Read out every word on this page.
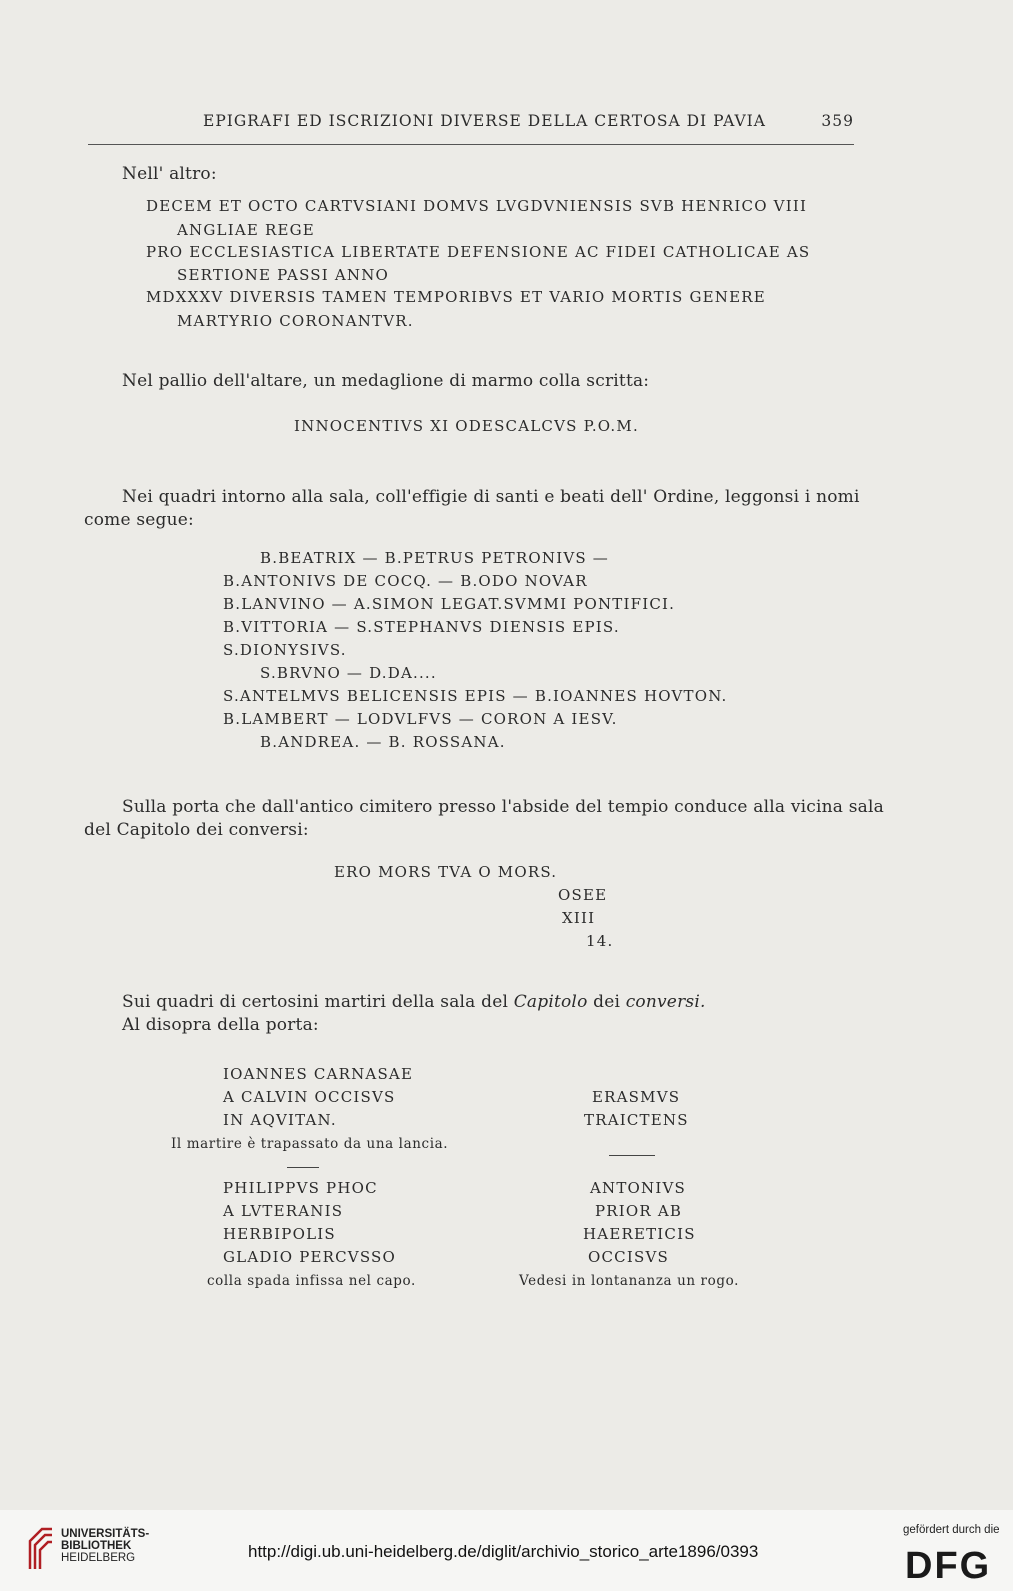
EPIGRAFI ED ISCRIZIONI DIVERSE DELLA CERTOSA DI PAVIA	359
Nell' altro:
DECEM ET OCTO CARTVSIANI DOMVS LVGDVNIENSIS SVB HENRICO VIII
ANGLIAE REGE
PRO ECCLESIASTICA LIBERTATE DEFENSIONE AC FIDEI CATHOLICAE AS
SERTIONE PASSI ANNO
MDXXXV DIVERSIS TAMEN TEMPORIBVS ET VARIO MORTIS GENERE
MARTYRIO CORONANTVR.
Nel pallio dell'altare, un medaglione di marmo colla scritta:
INNOCENTIVS XI ODESCALCVS P.O.M.
Nei quadri intorno alla sala, coll'effigie di santi e beati dell' Ordine, leggonsi i nomi
come segue:
B.BEATRIX — B.PETRUS PETRONIVS —
B.ANTONIVS DE COCQ. — B.ODO NOVAR
B.LANVINO — A.SIMON LEGAT.SVMMI PONTIFICI.
B.VITTORIA — S.STEPHANVS DIENSIS EPIS.
S.DIONYSIVS.
S.BRVNO — D.DA....
S.ANTELMVS BELICENSIS EPIS — B.IOANNES HOVTON.
B.LAMBERT — LODVLFVS — CORON A IESV.
B.ANDREA. — B. ROSSANA.
Sulla porta che dall'antico cimitero presso l'abside del tempio conduce alla vicina sala
del Capitolo dei conversi:
ERO MORS TVA O MORS.
OSEE
XIII
14.
Sui quadri di certosini martiri della sala del Capitolo dei conversi.
Al disopra della porta:
IOANNES CARNASAE
A CALVIN OCCISVS
IN AQVITAN.
Il martire è trapassato da una lancia.
PHILIPPVS PHOC
A LVTERANIS
HERBIPOLIS
GLADIO PERCVSSO
colla spada infissa nel capo.
ERASMVS
TRAICTENS
ANTONIVS
PRIOR AB
HAERETICIS
OCCISVS
Vedesi in lontananza un rogo.
UNIVERSITÄTS-
BIBLIOTHEK
HEIDELBERG	http://digi.ub.uni-heidelberg.de/diglit/archivio_storico_arte1896/0393
gefördert durch die
DFG
